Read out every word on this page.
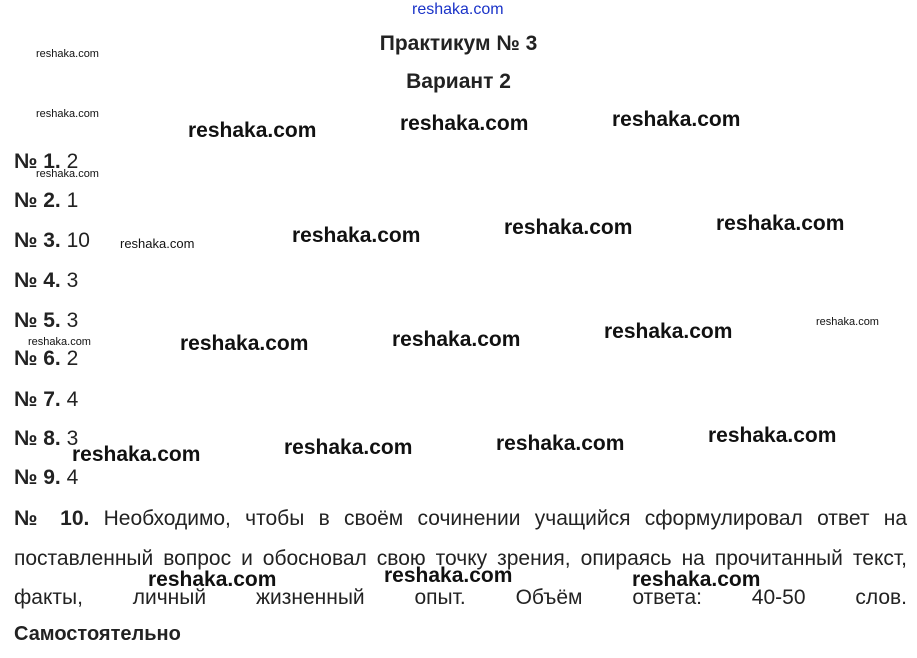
reshaka.com
Практикум № 3
Вариант 2
№ 1. 2
№ 2. 1
№ 3. 10
№ 4. 3
№ 5. 3
№ 6. 2
№ 7. 4
№ 8. 3
№ 9. 4
№ 10. Необходимо, чтобы в своём сочинении учащийся сформулировал ответ на поставленный вопрос и обосновал свою точку зрения, опираясь на прочитанный текст, факты, личный жизненный опыт. Объём ответа: 40-50 слов.
Самостоятельно
reshaka.com
reshaka.com
reshaka.com
reshaka.com
reshaka.com
reshaka.com
reshaka.com	reshaka.com	reshaka.com
reshaka.com	reshaka.com	reshaka.com
reshaka.com	reshaka.com	reshaka.com
reshaka.com	reshaka.com	reshaka.com	reshaka.com
reshaka.com	reshaka.com	reshaka.com
